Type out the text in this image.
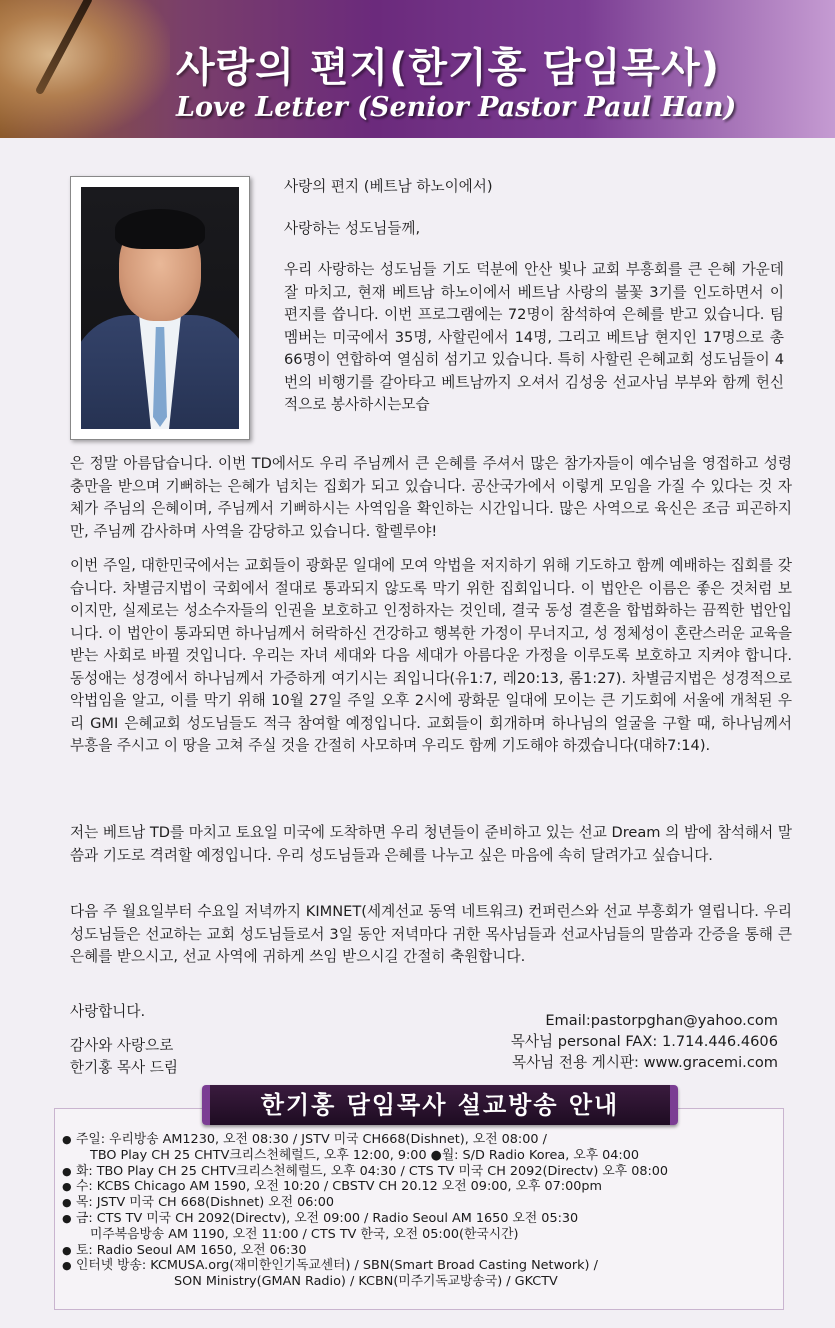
사랑의 편지(한기홍 담임목사)
Love Letter (Senior Pastor Paul Han)

사랑의 편지 (베트남 하노이에서)

사랑하는 성도님들께,

우리 사랑하는 성도님들 기도 덕분에 안산 빛나 교회 부흥회를 큰 은혜 가운데 잘 마치고, 현재 베트남 하노이에서 베트남 사랑의 불꽃 3기를 인도하면서 이 편지를 씁니다. 이번 프로그램에는 72명이 참석하여 은혜를 받고 있습니다. 팀 멤버는 미국에서 35명, 사할린에서 14명, 그리고 베트남 현지인 17명으로 총 66명이 연합하여 열심히 섬기고 있습니다. 특히 사할린 은혜교회 성도님들이 4번의 비행기를 갈아타고 베트남까지 오셔서 김성웅 선교사님 부부와 함께 헌신적으로 봉사하시는모습

은 정말 아름답습니다. 이번 TD에서도 우리 주님께서 큰 은혜를 주셔서 많은 참가자들이 예수님을 영접하고 성령 충만을 받으며 기뻐하는 은혜가 넘치는 집회가 되고 있습니다. 공산국가에서 이렇게 모임을 가질 수 있다는 것 자체가 주님의 은혜이며, 주님께서 기뻐하시는 사역임을 확인하는 시간입니다. 많은 사역으로 육신은 조금 피곤하지만, 주님께 감사하며 사역을 감당하고 있습니다. 할렐루야!
이번 주일, 대한민국에서는 교회들이 광화문 일대에 모여 악법을 저지하기 위해 기도하고 함께 예배하는 집회를 갖습니다. 차별금지법이 국회에서 절대로 통과되지 않도록 막기 위한 집회입니다. 이 법안은 이름은 좋은 것처럼 보이지만, 실제로는 성소수자들의 인권을 보호하고 인정하자는 것인데, 결국 동성 결혼을 합법화하는 끔찍한 법안입니다. 이 법안이 통과되면 하나님께서 허락하신 건강하고 행복한 가정이 무너지고, 성 정체성이 혼란스러운 교육을 받는 사회로 바뀔 것입니다. 우리는 자녀 세대와 다음 세대가 아름다운 가정을 이루도록 보호하고 지켜야 합니다. 동성애는 성경에서 하나님께서 가증하게 여기시는 죄입니다(유1:7, 레20:13, 롬1:27). 차별금지법은 성경적으로 악법임을 알고, 이를 막기 위해 10월 27일 주일 오후 2시에 광화문 일대에 모이는 큰 기도회에 서울에 개척된 우리 GMI 은혜교회 성도님들도 적극 참여할 예정입니다. 교회들이 회개하며 하나님의 얼굴을 구할 때, 하나님께서 부흥을 주시고 이 땅을 고쳐 주실 것을 간절히 사모하며 우리도 함께 기도해야 하겠습니다(대하7:14).
저는 베트남 TD를 마치고 토요일 미국에 도착하면 우리 청년들이 준비하고 있는 선교 Dream 의 밤에 참석해서 말씀과 기도로 격려할 예정입니다. 우리 성도님들과 은혜를 나누고 싶은 마음에 속히 달려가고 싶습니다.
다음 주 월요일부터 수요일 저녁까지 KIMNET(세계선교 동역 네트워크) 컨퍼런스와 선교 부흥회가 열립니다. 우리 성도님들은 선교하는 교회 성도님들로서 3일 동안 저녁마다 귀한 목사님들과 선교사님들의 말씀과 간증을 통해 큰 은혜를 받으시고, 선교 사역에 귀하게 쓰임 받으시길 간절히 축원합니다.

사랑합니다.

감사와 사랑으로

한기홍 목사 드림

Email:pastorpghan@yahoo.com
목사님 personal FAX: 1.714.446.4606
목사님 전용 게시판: www.gracemi.com
한기홍 담임목사 설교방송 안내
● 주일: 우리방송 AM1230, 오전 08:30 / JSTV 미국 CH668(Dishnet), 오전 08:00 /
TBO Play CH 25 CHTV크리스천헤럴드, 오후 12:00, 9:00 ●월: S/D Radio Korea, 오후 04:00
● 화: TBO Play CH 25 CHTV크리스천헤럴드, 오후 04:30 / CTS TV 미국 CH 2092(Directv) 오후 08:00
● 수: KCBS Chicago AM 1590, 오전 10:20 / CBSTV CH 20.12 오전 09:00, 오후 07:00pm
● 목: JSTV 미국 CH 668(Dishnet) 오전 06:00
● 금: CTS TV 미국 CH 2092(Directv), 오전 09:00 / Radio Seoul AM 1650 오전 05:30
미주복음방송 AM 1190, 오전 11:00 / CTS TV 한국, 오전 05:00(한국시간)
● 토: Radio Seoul AM 1650, 오전 06:30
● 인터넷 방송: KCMUSA.org(재미한인기독교센터) / SBN(Smart Broad Casting Network) /
SON Ministry(GMAN Radio) / KCBN(미주기독교방송국) / GKCTV
